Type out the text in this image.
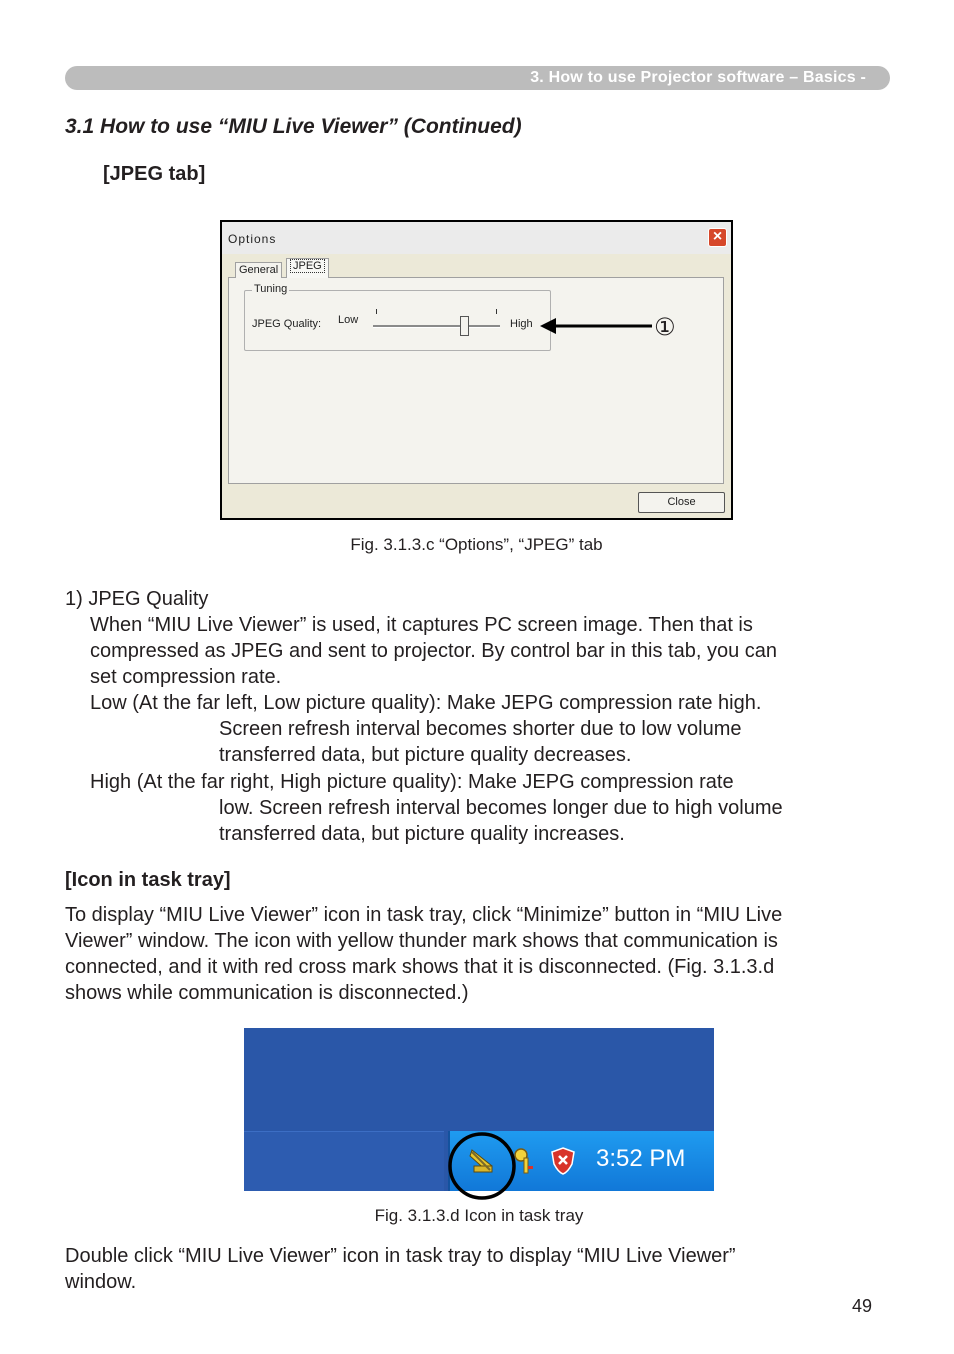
3. How to use Projector software – Basics -
3.1 How to use “MIU Live Viewer” (Continued)
[JPEG tab]
Options	×
Tuning
JPEG Quality: Low	High
General	JPEG
Close
①
Fig. 3.1.3.c “Options”, “JPEG” tab
1) JPEG Quality
When “MIU Live Viewer” is used, it captures PC screen image. Then that is
compressed as JPEG and sent to projector. By control bar in this tab, you can
set compression rate.
Low (At the far left, Low picture quality): Make JEPG compression rate high.
Screen refresh interval becomes shorter due to low volume
transferred data, but picture quality decreases.
High (At the far right, High picture quality): Make JEPG compression rate
low. Screen refresh interval becomes longer due to high volume
transferred data, but picture quality increases.
[Icon in task tray]
To display “MIU Live Viewer” icon in task tray, click “Minimize” button in “MIU Live
Viewer” window. The icon with yellow thunder mark shows that communication is
connected, and it with red cross mark shows that it is disconnected. (Fig. 3.1.3.d
shows while communication is disconnected.)
3:52 PM
Fig. 3.1.3.d Icon in task tray
Double click “MIU Live Viewer” icon in task tray to display “MIU Live Viewer”
window.
49
